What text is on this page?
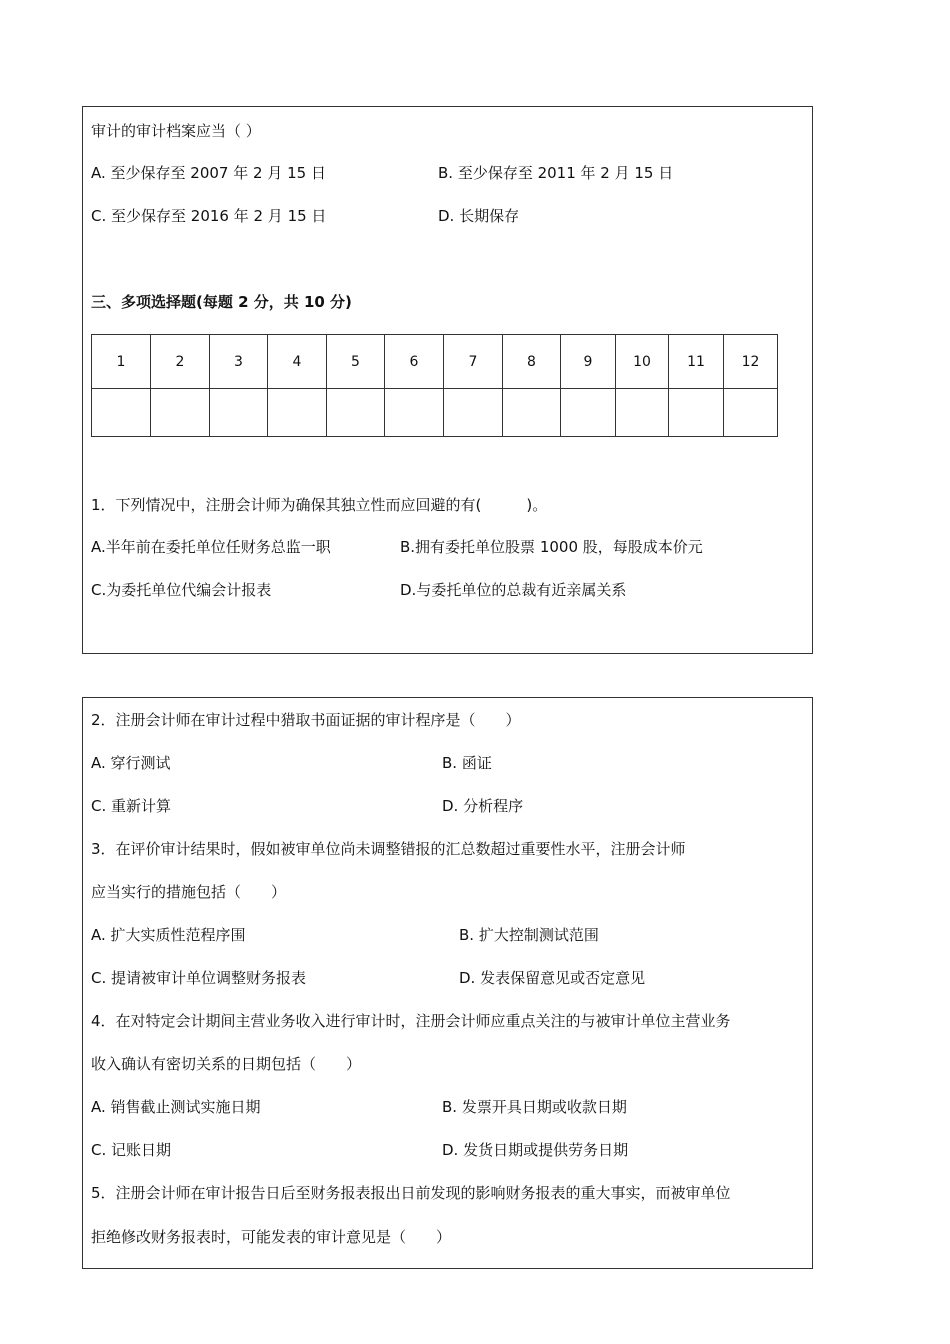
审计的审计档案应当（ ）
A. 至少保存至 2007 年 2 月 15 日	B. 至少保存至 2011 年 2 月 15 日
C. 至少保存至 2016 年 2 月 15 日	D. 长期保存
三、多项选择题(每题 2 分，共 10 分)
1	2	3	4	5	6	7	8	9	10	11	12

1．下列情况中，注册会计师为确保其独立性而应回避的有(　　　)。
A.半年前在委托单位任财务总监一职	B.拥有委托单位股票 1000 股，每股成本价元
C.为委托单位代编会计报表	D.与委托单位的总裁有近亲属关系
2．注册会计师在审计过程中猎取书面证据的审计程序是（　　）
A. 穿行测试	B. 函证
C. 重新计算	D. 分析程序
3．在评价审计结果时，假如被审单位尚未调整错报的汇总数超过重要性水平，注册会计师
应当实行的措施包括（　　）
A. 扩大实质性范程序围	B. 扩大控制测试范围
C. 提请被审计单位调整财务报表	D. 发表保留意见或否定意见
4．在对特定会计期间主营业务收入进行审计时，注册会计师应重点关注的与被审计单位主营业务
收入确认有密切关系的日期包括（　　）
A. 销售截止测试实施日期	B. 发票开具日期或收款日期
C. 记账日期	D. 发货日期或提供劳务日期
5．注册会计师在审计报告日后至财务报表报出日前发现的影响财务报表的重大事实，而被审单位
拒绝修改财务报表时，可能发表的审计意见是（　　）
